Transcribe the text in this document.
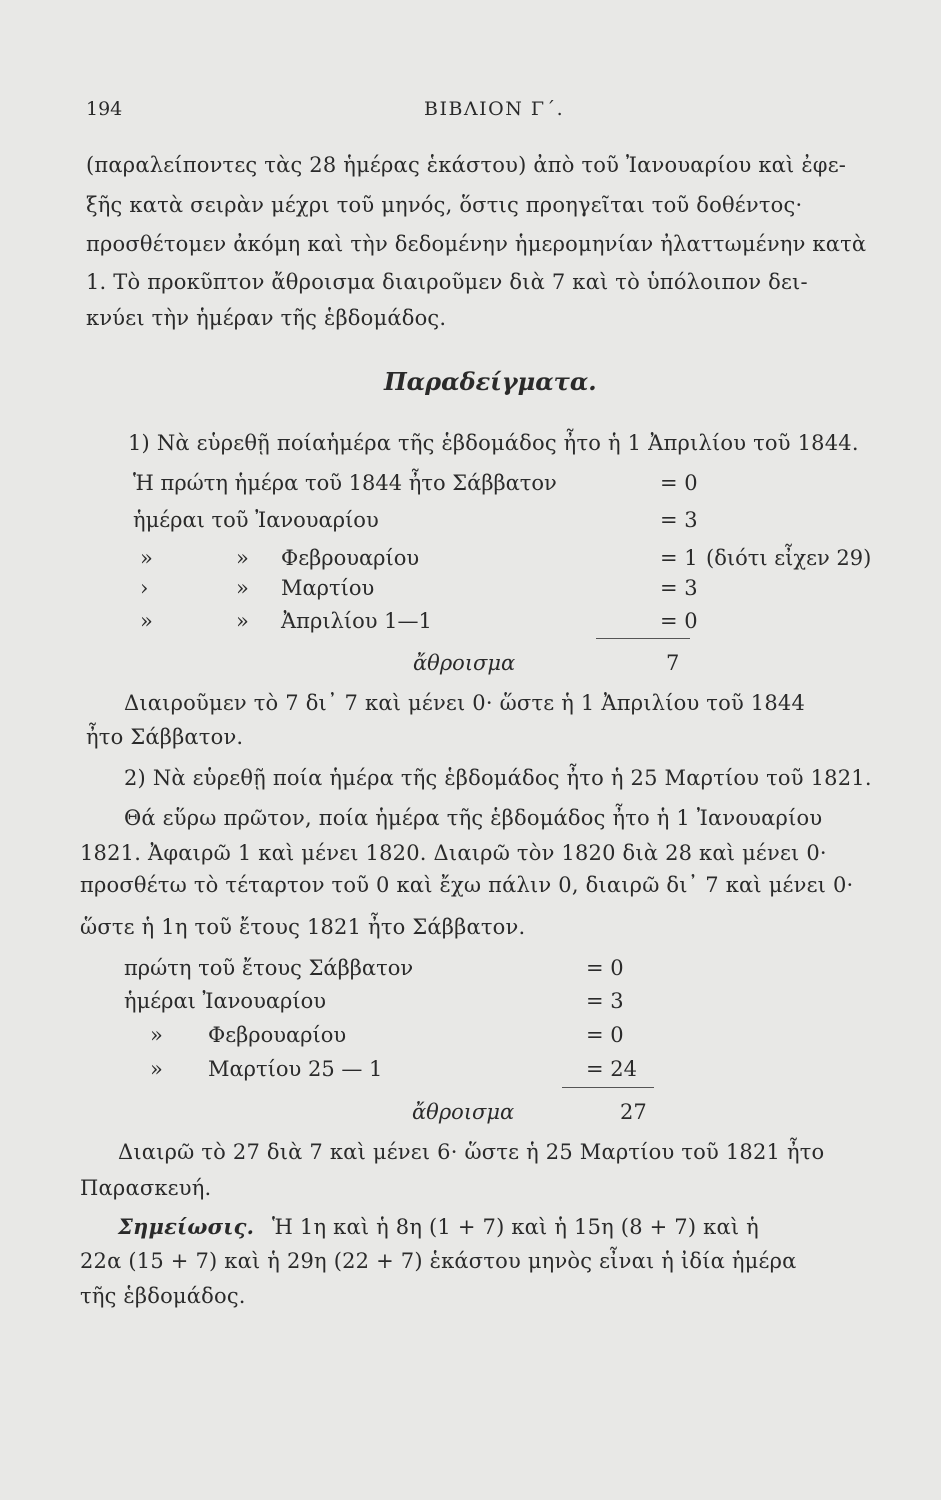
194	ΒΙΒΛΙΟΝ Γ΄.
(παραλείποντες τὰς 28 ἡμέρας ἑκάστου) ἀπὸ τοῦ Ἰανουαρίου καὶ ἐφε-
ξῆς κατὰ σειρὰν μέχρι τοῦ μηνός, ὅστις προηγεῖται τοῦ δοθέντος·
προσθέτομεν ἀκόμη καὶ τὴν δεδομένην ἡμερομηνίαν ἠλαττωμένην κατὰ
1. Τὸ προκῦπτον ἄθροισμα διαιροῦμεν διὰ 7 καὶ τὸ ὑπόλοιπον δει-
κνύει τὴν ἡμέραν τῆς ἑβδομάδος.
Παραδείγματα.
1) Νὰ εὑρεθῇ ποίαἡμέρα τῆς ἑβδομάδος ἦτο ἡ 1 Ἀπριλίου τοῦ 1844.
Ἡ πρώτη ἡμέρα τοῦ 1844 ἦτο Σάββατον	= 0
ἡμέραι τοῦ Ἰανουαρίου	= 3
»	» Φεβρουαρίου	= 1 (διότι εἶχεν 29)
›	» Μαρτίου	= 3
»	» Ἀπριλίου 1—1	= 0
ἄθροισμα	7
Διαιροῦμεν τὸ 7 δι᾽ 7 καὶ μένει 0· ὥστε ἡ 1 Ἀπριλίου τοῦ 1844
ἦτο Σάββατον.
2) Νὰ εὑρεθῇ ποία ἡμέρα τῆς ἑβδομάδος ἦτο ἡ 25 Μαρτίου τοῦ 1821.
Θά εὕρω πρῶτον, ποία ἡμέρα τῆς ἑβδομάδος ἦτο ἡ 1 Ἰανουαρίου
1821. Ἀφαιρῶ 1 καὶ μένει 1820. Διαιρῶ τὸν 1820 διὰ 28 καὶ μένει 0·
προσθέτω τὸ τέταρτον τοῦ 0 καὶ ἔχω πάλιν 0, διαιρῶ δι᾽ 7 καὶ μένει 0·
ὥστε ἡ 1η τοῦ ἔτους 1821 ἦτο Σάββατον.
πρώτη τοῦ ἔτους Σάββατον	= 0
ἡμέραι Ἰανουαρίου	= 3
» Φεβρουαρίου	= 0
» Μαρτίου 25 — 1	= 24
ἄθροισμα	27
Διαιρῶ τὸ 27 διὰ 7 καὶ μένει 6· ὥστε ἡ 25 Μαρτίου τοῦ 1821 ἦτο
Παρασκευή.
Σημείωσις. Ἡ 1η καὶ ἡ 8η (1 + 7) καὶ ἡ 15η (8 + 7) καὶ ἡ
22α (15 + 7) καὶ ἡ 29η (22 + 7) ἑκάστου μηνὸς εἶναι ἡ ἰδία ἡμέρα
τῆς ἑβδομάδος.
